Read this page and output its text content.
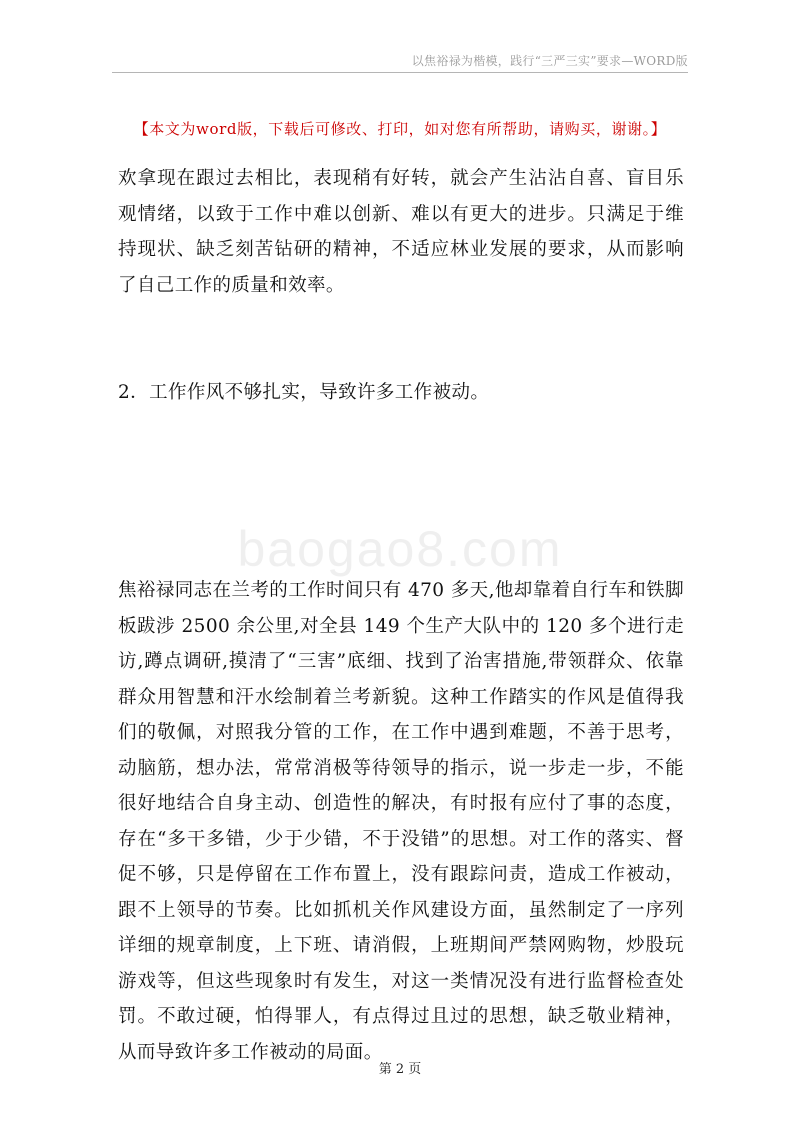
以焦裕禄为楷模，践行“三严三实”要求—WORD版
【本文为word版，下载后可修改、打印，如对您有所帮助，请购买，谢谢。】
baogao8.com

欢拿现在跟过去相比，表现稍有好转，就会产生沾沾自喜、盲目乐观情绪，以致于工作中难以创新、难以有更大的进步。只满足于维持现状、缺乏刻苦钻研的精神，不适应林业发展的要求，从而影响了自己工作的质量和效率。

2．工作作风不够扎实，导致许多工作被动。

焦裕禄同志在兰考的工作时间只有 470 多天,他却靠着自行车和铁脚板跋涉 2500 余公里,对全县 149 个生产大队中的 120 多个进行走访,蹲点调研,摸清了“三害”底细、找到了治害措施,带领群众、依靠群众用智慧和汗水绘制着兰考新貌。这种工作踏实的作风是值得我们的敬佩，对照我分管的工作，在工作中遇到难题，不善于思考，动脑筋，想办法，常常消极等待领导的指示，说一步走一步，不能很好地结合自身主动、创造性的解决，有时报有应付了事的态度，存在“多干多错，少于少错，不于没错”的思想。对工作的落实、督促不够，只是停留在工作布置上，没有跟踪问责，造成工作被动，跟不上领导的节奏。比如抓机关作风建设方面，虽然制定了一序列详细的规章制度，上下班、请消假，上班期间严禁网购物，炒股玩游戏等，但这些现象时有发生，对这一类情况没有进行监督检查处罚。不敢过硬，怕得罪人，有点得过且过的思想，缺乏敬业精神，从而导致许多工作被动的局面。

第 2 页
